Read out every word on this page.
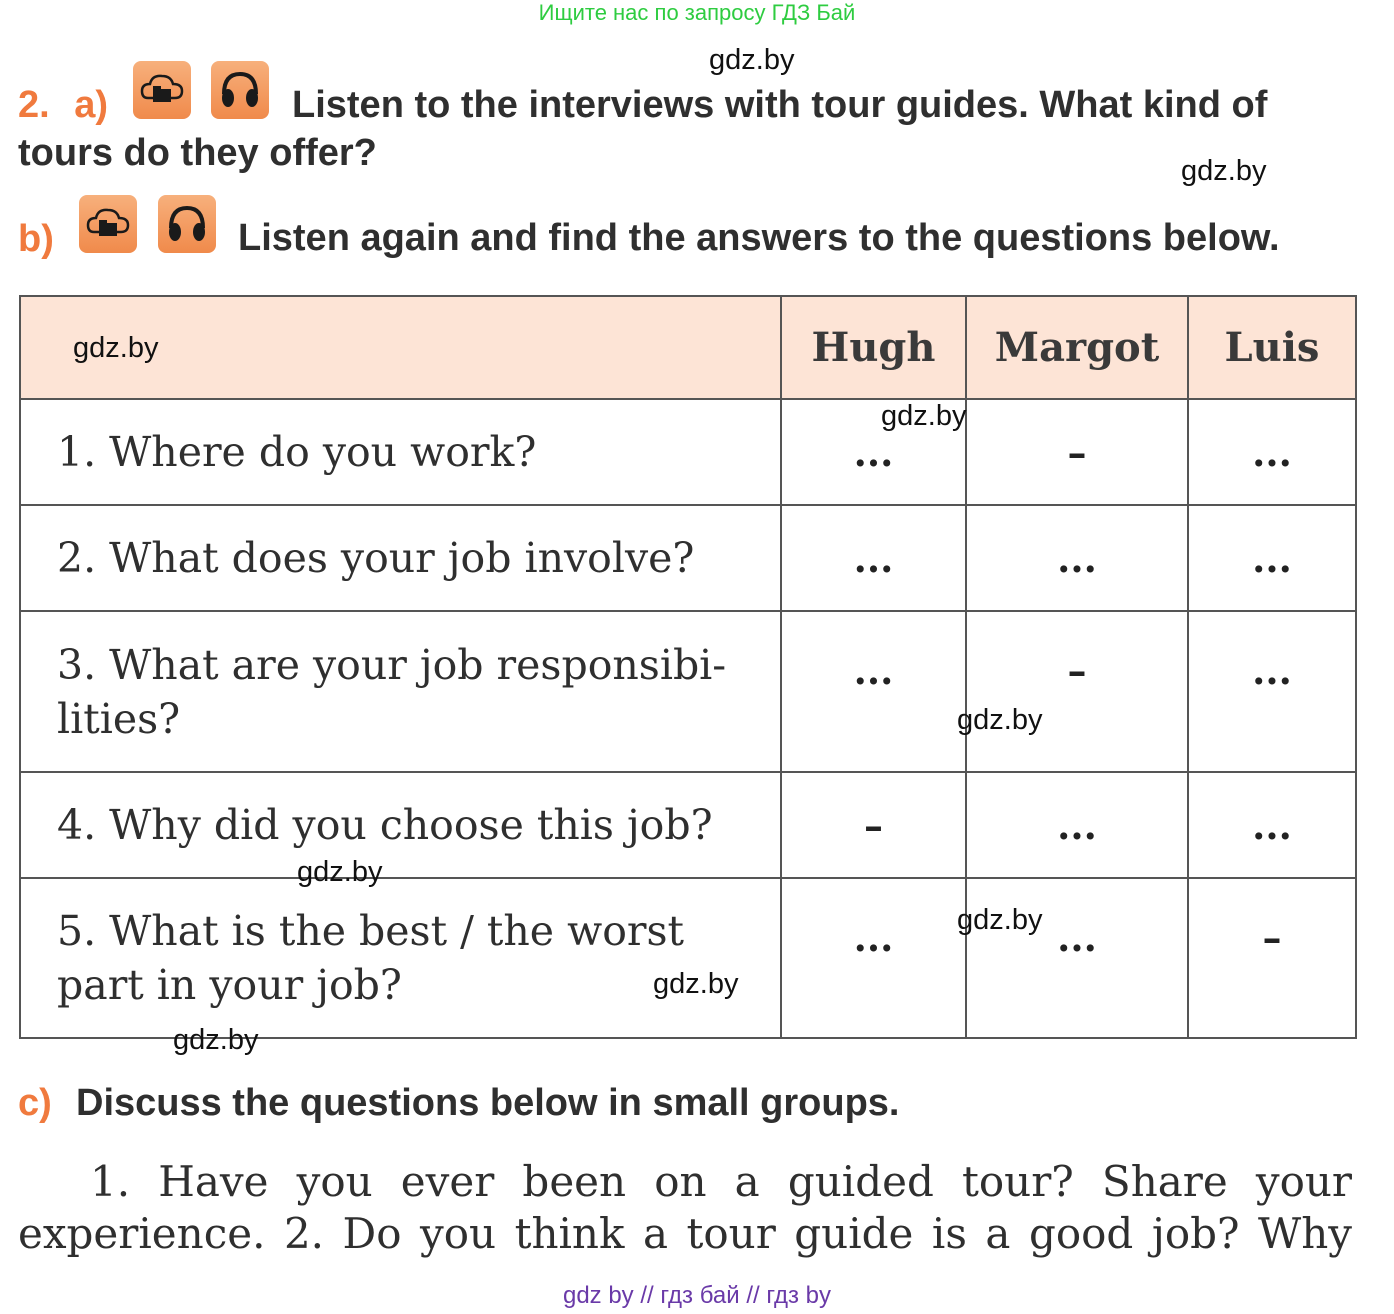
Ищите нас по запросу ГДЗ Бай
2. a)	Listen to the interviews with tour guides. What kind of
tours do they offer?
b)	Listen again and find the answers to the questions below.
	Hugh	Margot	Luis

1. Where do you work?	...	–	...

2. What does your job involve?	...	...	...

3. What are your job responsibi-
lities?	...	–	...

4. Why did you choose this job?	–	...	...

5. What is the best / the worst
part in your job?	...	...	–
c) Discuss the questions below in small groups.
1. Have you ever been on a guided tour? Share your
experience. 2. Do you think a tour guide is a good job? Why
gdz.by
gdz.by
gdz.by
gdz.by
gdz.by
gdz.by
gdz.by
gdz.by
gdz.by
gdz by // гдз бай // гдз by
